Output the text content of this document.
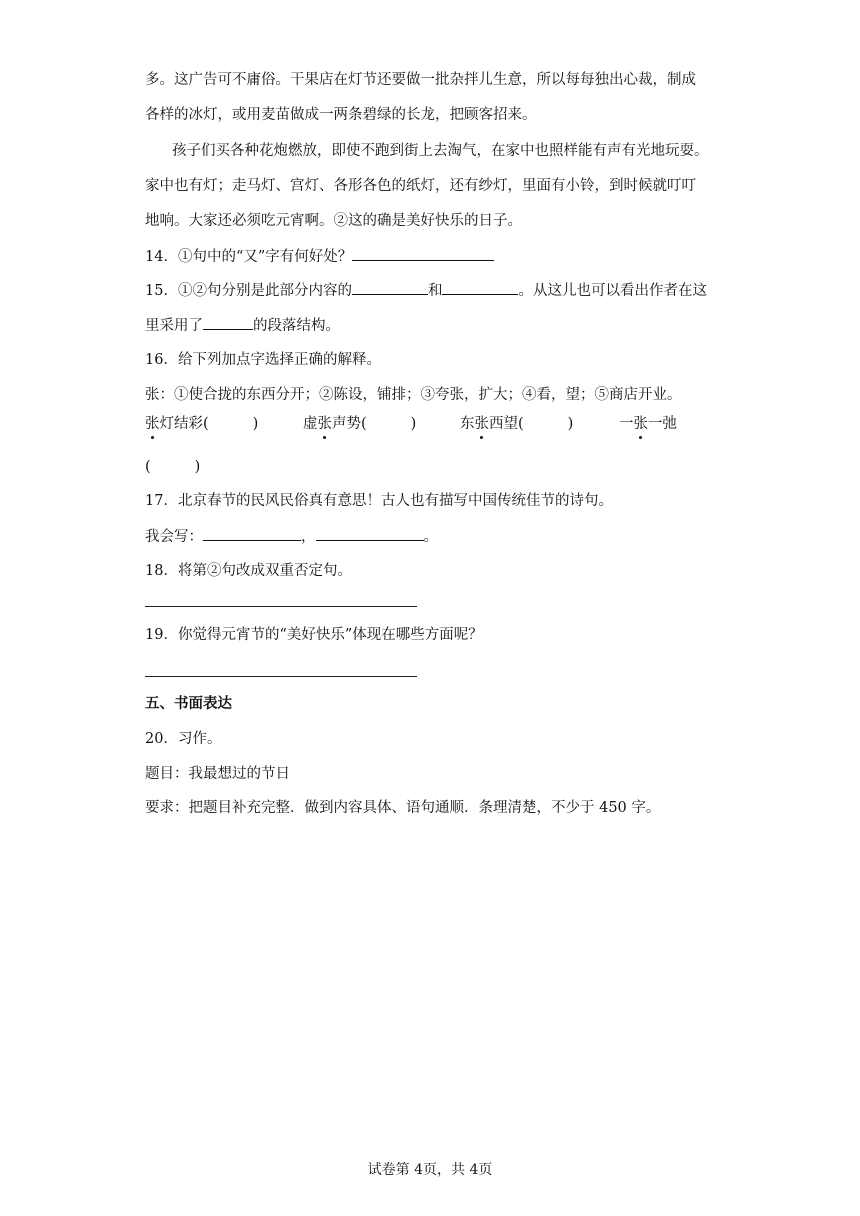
多。这广告可不庸俗。干果店在灯节还要做一批杂拌儿生意，所以每每独出心裁，制成
各样的冰灯，或用麦苗做成一两条碧绿的长龙，把顾客招来。
孩子们买各种花炮燃放，即使不跑到街上去淘气，在家中也照样能有声有光地玩耍。
家中也有灯；走马灯、宫灯、各形各色的纸灯，还有纱灯，里面有小铃，到时候就叮叮
地响。大家还必须吃元宵啊。②这的确是美好快乐的日子。
14．①句中的“又”字有何好处？
15．①②句分别是此部分内容的	和	。从这儿也可以看出作者在这
里采用了	的段落结构。
16．给下列加点字选择正确的解释。
张：①使合拢的东西分开；②陈设，铺排；③夸张，扩大；④看，望；⑤商店开业。
张灯结彩(	)	虚张声势(	)	东张西望(	)	一张一弛
(	)
17．北京春节的民风民俗真有意思！古人也有描写中国传统佳节的诗句。
我会写：	，	。
18．将第②句改成双重否定句。
19．你觉得元宵节的“美好快乐”体现在哪些方面呢？
五、书面表达
20．习作。
题目：我最想过的节日
要求：把题目补充完整．做到内容具体、语句通顺．条理清楚，不少于 450 字。
试卷第 4页，共 4页
